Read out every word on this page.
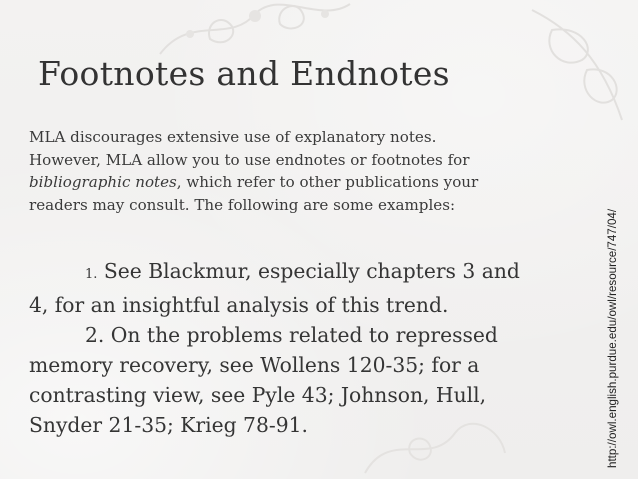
Footnotes and Endnotes

MLA discourages extensive use of explanatory notes.
However, MLA allow you to use endnotes or footnotes for
bibliographic notes, which refer to other publications your
readers may consult. The following are some examples:

1. See Blackmur, especially chapters 3 and
4, for an insightful analysis of this trend.
2. On the problems related to repressed
memory recovery, see Wollens 120-35; for a
contrasting view, see Pyle 43; Johnson, Hull,
Snyder 21-35; Krieg 78-91.	http://owl.english.purdue.edu/owl/resource/747/04/
